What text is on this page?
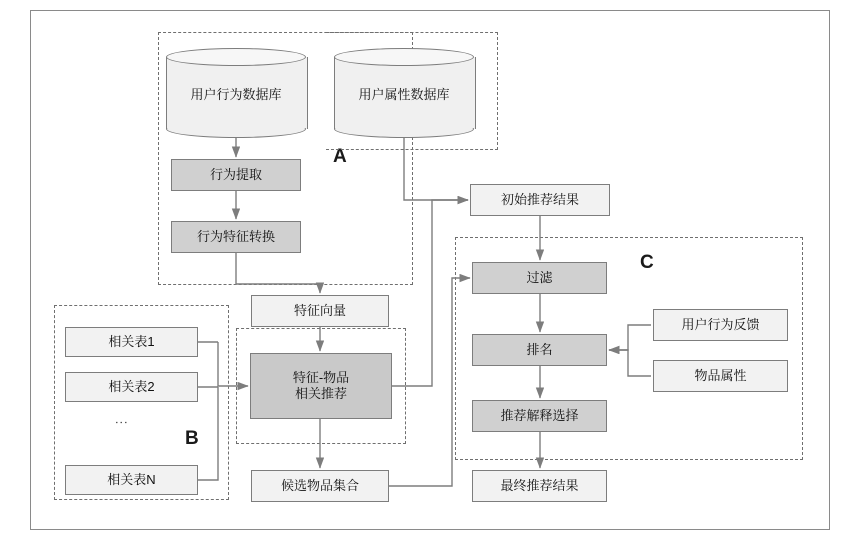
A
B
C
用户行为数据库	用户属性数据库
行为提取
行为特征转换
特征向量
相关表1
相关表2
⋮
相关表N
特征-物品
相关推荐
候选物品集合
初始推荐结果
过滤
排名
推荐解释选择
用户行为反馈
物品属性
最终推荐结果
